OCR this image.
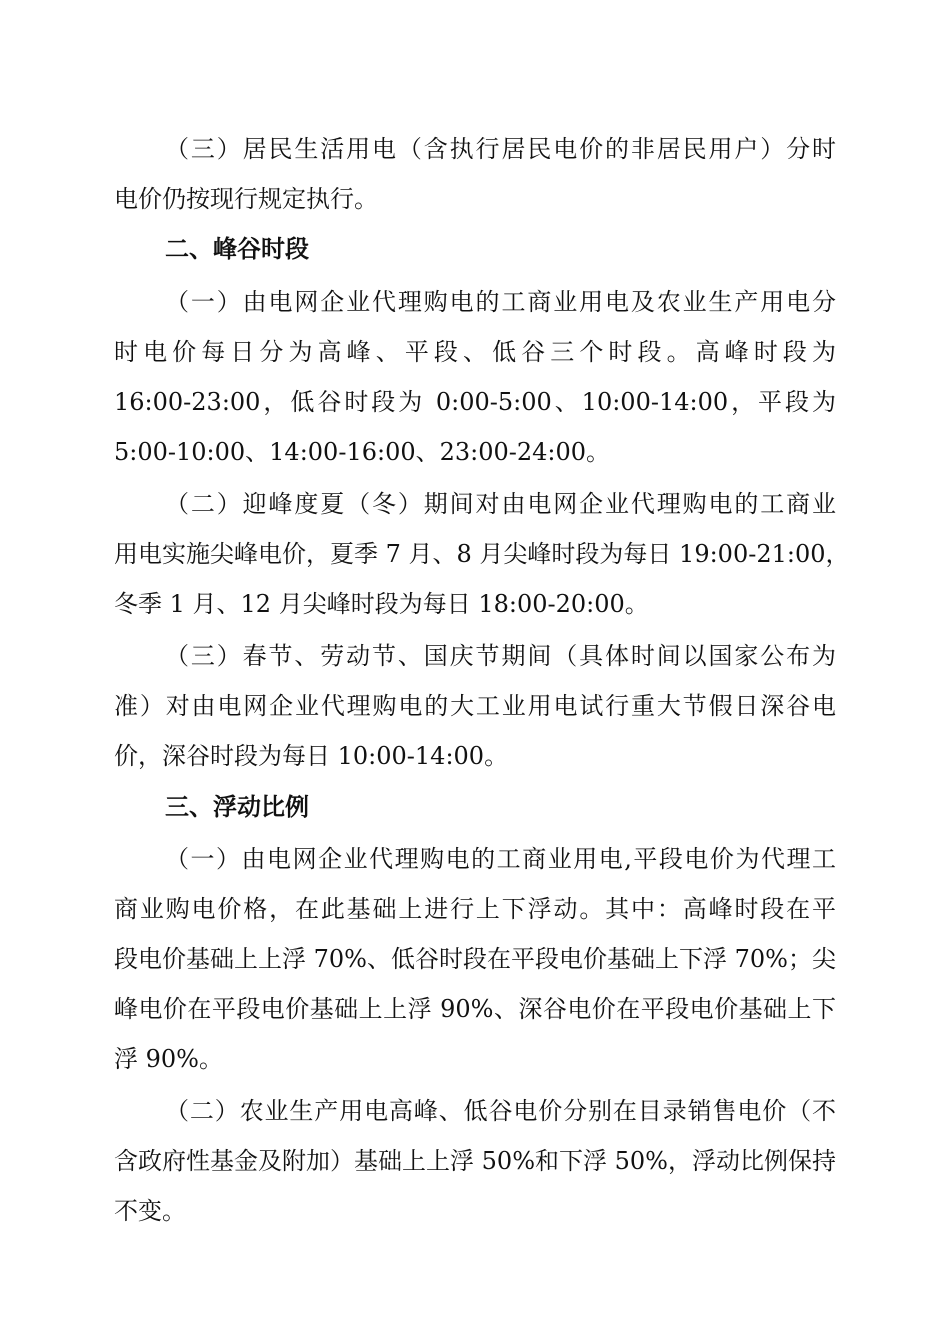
（三）居民生活用电（含执行居民电价的非居民用户）分时
电价仍按现行规定执行。
二、峰谷时段
（一）由电网企业代理购电的工商业用电及农业生产用电分
时电价每日分为高峰、平段、低谷三个时段。高峰时段为
16:00-23:00，低谷时段为 0:00-5:00、10:00-14:00，平段为
5:00-10:00、14:00-16:00、23:00-24:00。
（二）迎峰度夏（冬）期间对由电网企业代理购电的工商业
用电实施尖峰电价，夏季 7 月、8 月尖峰时段为每日 19:00-21:00，
冬季 1 月、12 月尖峰时段为每日 18:00-20:00。
（三）春节、劳动节、国庆节期间（具体时间以国家公布为
准）对由电网企业代理购电的大工业用电试行重大节假日深谷电
价，深谷时段为每日 10:00-14:00。
三、浮动比例
（一）由电网企业代理购电的工商业用电,平段电价为代理工
商业购电价格，在此基础上进行上下浮动。其中：高峰时段在平
段电价基础上上浮 70%、低谷时段在平段电价基础上下浮 70%；尖
峰电价在平段电价基础上上浮 90%、深谷电价在平段电价基础上下
浮 90%。
（二）农业生产用电高峰、低谷电价分别在目录销售电价（不
含政府性基金及附加）基础上上浮 50%和下浮 50%，浮动比例保持
不变。
